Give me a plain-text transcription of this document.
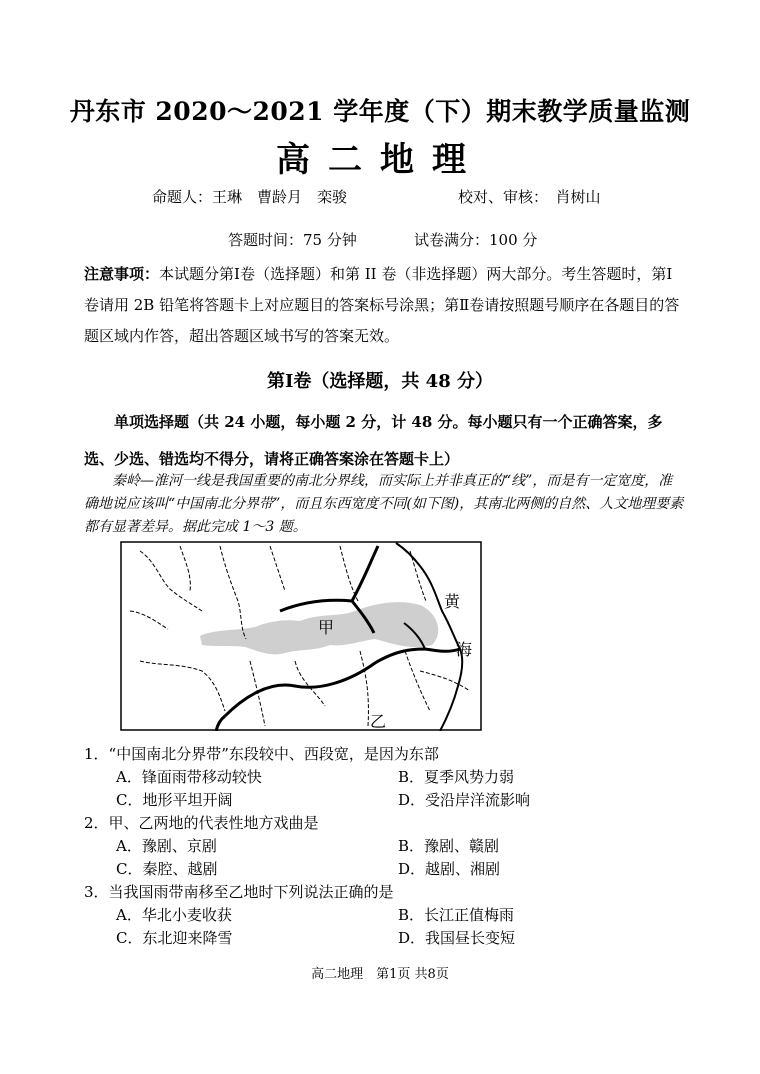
丹东市 2020～2021 学年度（下）期末教学质量监测
高二地理
命题人：王琳　曹龄月　栾骏	校对、审核：　肖树山
答题时间：75 分钟	试卷满分：100 分
注意事项：本试题分第Ⅰ卷（选择题）和第 II 卷（非选择题）两大部分。考生答题时，第Ⅰ卷请用 2B 铅笔将答题卡上对应题目的答案标号涂黑；第Ⅱ卷请按照题号顺序在各题目的答题区域内作答，超出答题区域书写的答案无效。
第Ⅰ卷（选择题，共 48 分）
单项选择题（共 24 小题，每小题 2 分，计 48 分。每小题只有一个正确答案，多选、少选、错选均不得分，请将正确答案涂在答题卡上）
秦岭—淮河一线是我国重要的南北分界线，而实际上并非真正的“线”，而是有一定宽度，准确地说应该叫“中国南北分界带”，而且东西宽度不同(如下图)，其南北两侧的自然、人文地理要素都有显著差异。据此完成 1～3 题。
甲
乙
黄
海
1．“中国南北分界带”东段较中、西段宽，是因为东部
A．锋面雨带移动较快	B．夏季风势力弱
C．地形平坦开阔	D．受沿岸洋流影响
2．甲、乙两地的代表性地方戏曲是
A．豫剧、京剧	B．豫剧、赣剧
C．秦腔、越剧	D．越剧、湘剧
3．当我国雨带南移至乙地时下列说法正确的是
A．华北小麦收获	B．长江正值梅雨
C．东北迎来降雪	D．我国昼长变短
高二地理　第1页 共8页
